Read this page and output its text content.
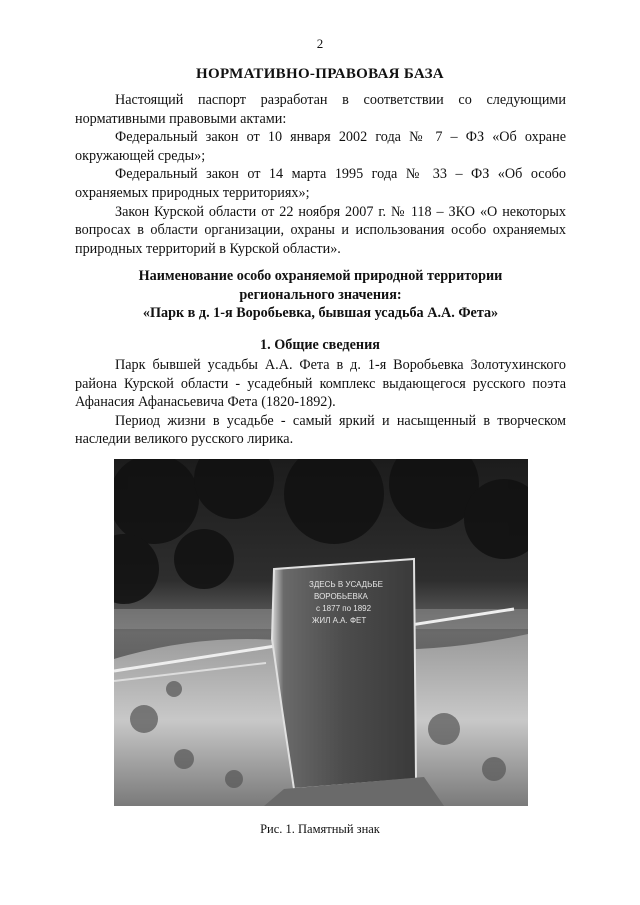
2
НОРМАТИВНО-ПРАВОВАЯ БАЗА

Настоящий паспорт разработан в соответствии со следующими нормативными правовыми актами:

Федеральный закон от 10 января 2002 года № 7 – ФЗ «Об охране окружающей среды»;

Федеральный закон от 14 марта 1995 года № 33 – ФЗ «Об особо охраняемых природных территориях»;

Закон Курской области от 22 ноября 2007 г. № 118 – ЗКО «О некоторых вопросах в области организации, охраны и использования особо охраняемых природных территорий в Курской области».

Наименование особо охраняемой природной территории
регионального значения:
«Парк в д. 1-я Воробьевка, бывшая усадьба А.А. Фета»
1. Общие сведения

Парк бывшей усадьбы А.А. Фета в д. 1-я Воробьевка Золотухинского района Курской области - усадебный комплекс выдающегося русского поэта Афанасия Афанасьевича Фета (1820-1892).

Период жизни в усадьбе - самый яркий и насыщенный в творческом наследии великого русского лирика.

ЗДЕСЬ В УСАДЬБЕ
ВОРОБЬЕВКА
с 1877 по 1892
ЖИЛ А.А. ФЕТ
Рис. 1. Памятный знак
